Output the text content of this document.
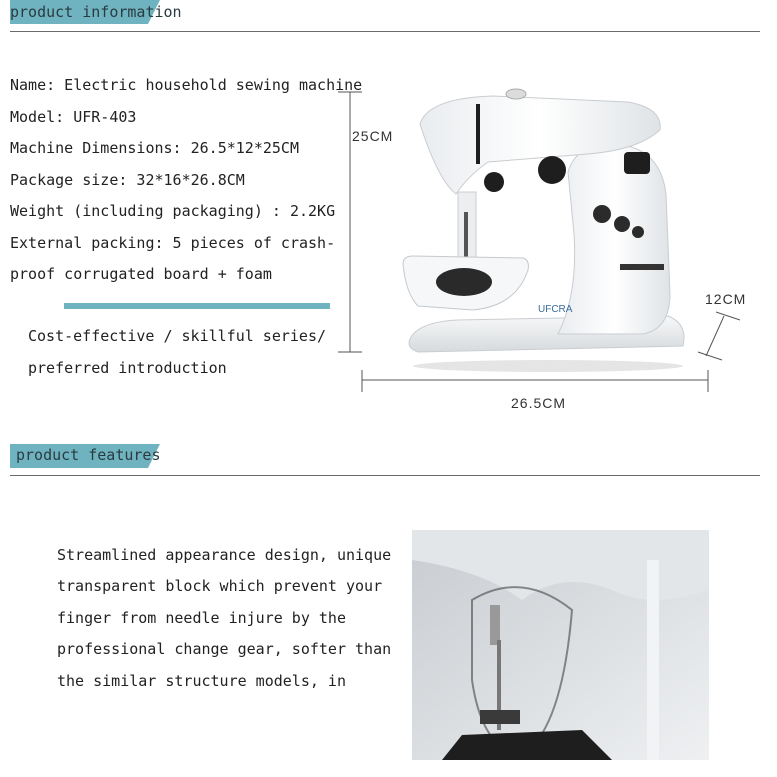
product information
Name: Electric household sewing machine
Model: UFR-403
Machine Dimensions: 26.5*12*25CM
Package size: 32*16*26.8CM
Weight (including packaging) : 2.2KG
External packing: 5 pieces of crash-
proof corrugated board + foam
Cost-effective / skillful series/
preferred introduction
25CM
12CM
26.5CM
UFCRA
product features
Streamlined appearance design, unique
transparent block which prevent your
finger from needle injure by the
professional change gear, softer than
the similar structure models, in
